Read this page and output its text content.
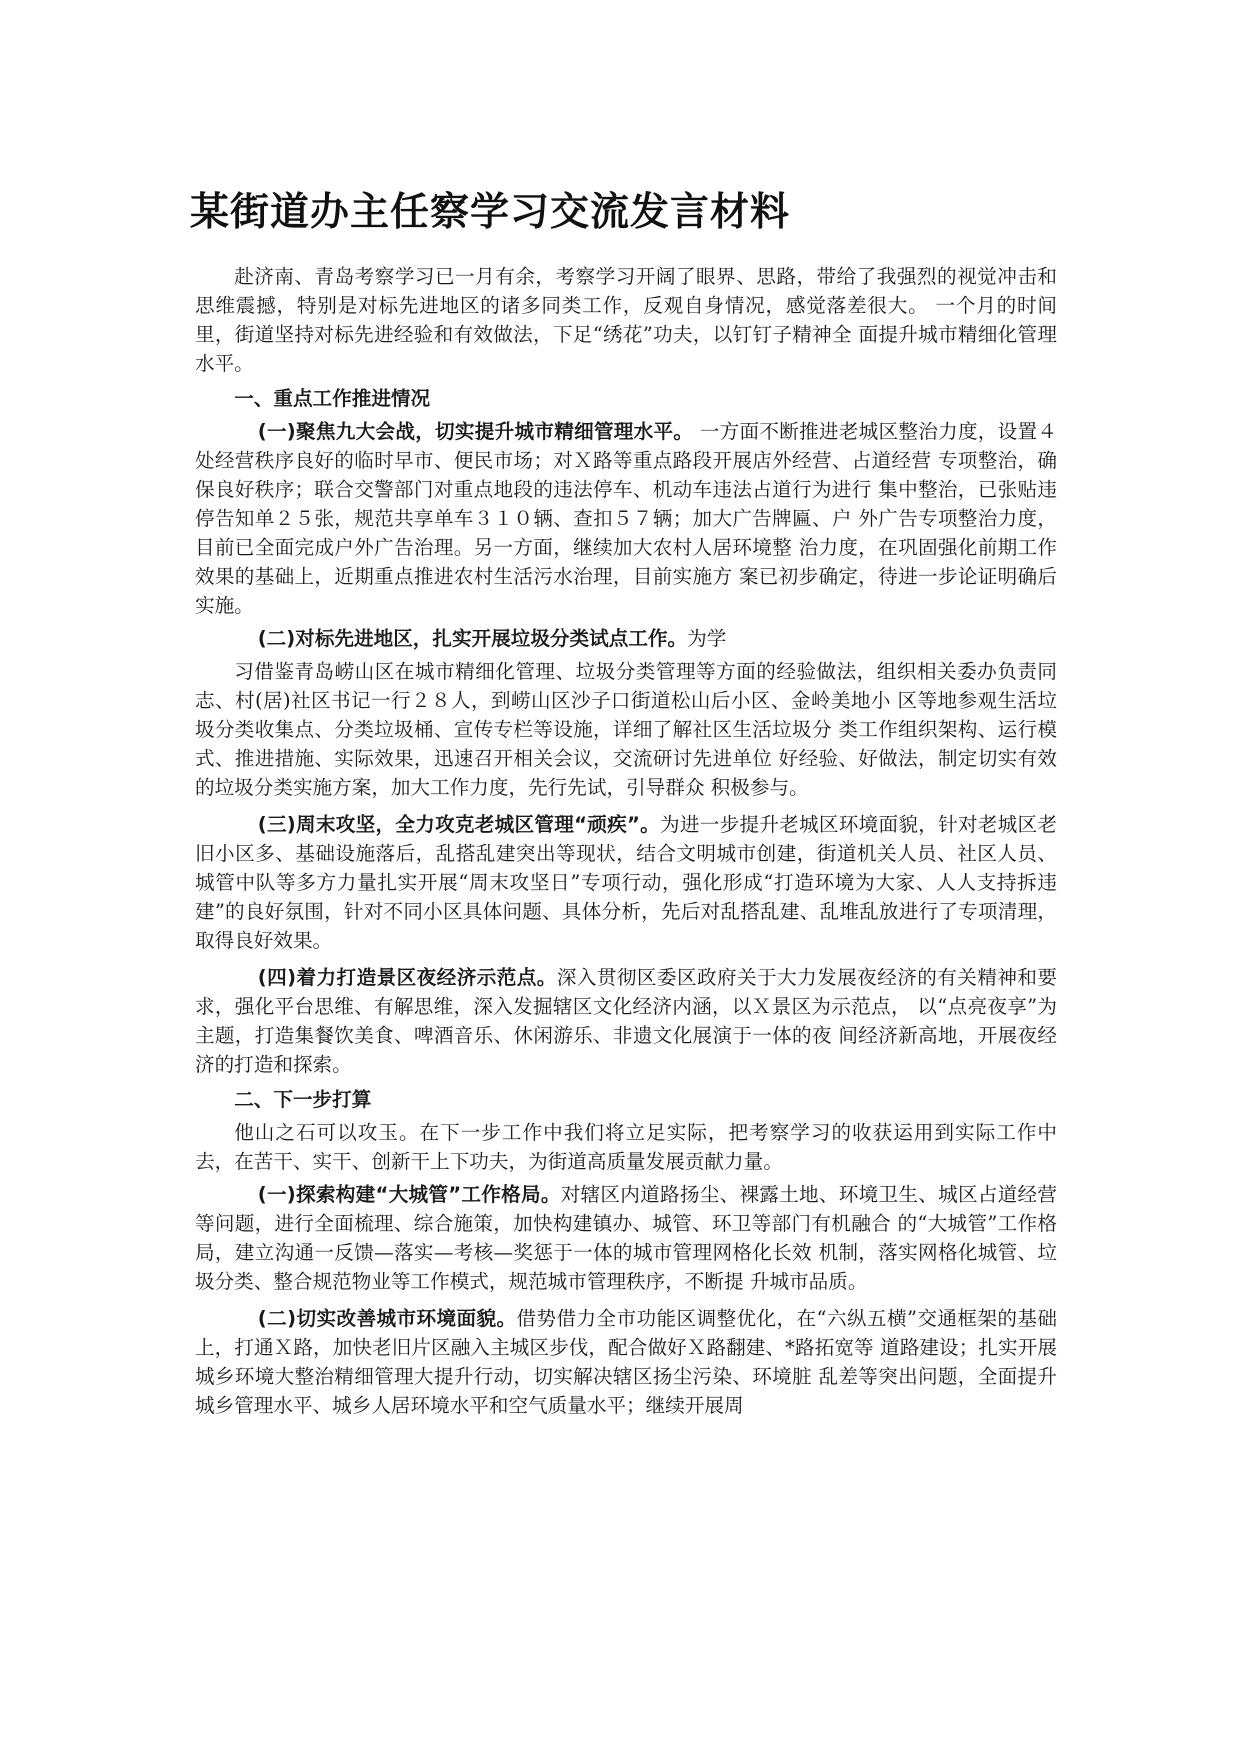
某街道办主任察学习交流发言材料

赴济南、青岛考察学习已一月有余，考察学习开阔了眼界、思路，带给了我强烈的视觉冲击和思维震撼，特别是对标先进地区的诸多同类工作，反观自身情况，感觉落差很大。 一个月的时间里，街道坚持对标先进经验和有效做法，下足“绣花”功夫，以钉钉子精神全 面提升城市精细化管理水平。

一、重点工作推进情况

(一)聚焦九大会战，切实提升城市精细管理水平。 一方面不断推进老城区整治力度，设置４处经营秩序良好的临时早市、便民市场；对Ｘ路等重点路段开展店外经营、占道经营 专项整治，确保良好秩序；联合交警部门对重点地段的违法停车、机动车违法占道行为进行 集中整治，已张贴违停告知单２５张，规范共享单车３１０辆、查扣５７辆；加大广告牌匾、户 外广告专项整治力度，目前已全面完成户外广告治理。另一方面，继续加大农村人居环境整 治力度，在巩固强化前期工作效果的基础上，近期重点推进农村生活污水治理，目前实施方 案已初步确定，待进一步论证明确后实施。

(二)对标先进地区，扎实开展垃圾分类试点工作。为学

习借鉴青岛崂山区在城市精细化管理、垃圾分类管理等方面的经验做法，组织相关委办负责同志、村(居)社区书记一行２８人，到崂山区沙子口街道松山后小区、金岭美地小 区等地参观生活垃圾分类收集点、分类垃圾桶、宣传专栏等设施，详细了解社区生活垃圾分 类工作组织架构、运行模式、推进措施、实际效果，迅速召开相关会议，交流研讨先进单位 好经验、好做法，制定切实有效的垃圾分类实施方案，加大工作力度，先行先试，引导群众 积极参与。

(三)周末攻坚，全力攻克老城区管理“顽疾”。为进一步提升老城区环境面貌，针对老城区老旧小区多、基础设施落后，乱搭乱建突出等现状，结合文明城市创建，街道机关人员、社区人员、城管中队等多方力量扎实开展“周末攻坚日”专项行动，强化形成“打造环境为大家、人人支持拆违建”的良好氛围，针对不同小区具体问题、具体分析，先后对乱搭乱建、乱堆乱放进行了专项清理，取得良好效果。

(四)着力打造景区夜经济示范点。深入贯彻区委区政府关于大力发展夜经济的有关精神和要求，强化平台思维、有解思维，深入发掘辖区文化经济内涵，以Ｘ景区为示范点， 以“点亮夜享”为主题，打造集餐饮美食、啤酒音乐、休闲游乐、非遗文化展演于一体的夜 间经济新高地，开展夜经济的打造和探索。

二、下一步打算

他山之石可以攻玉。在下一步工作中我们将立足实际，把考察学习的收获运用到实际工作中去，在苦干、实干、创新干上下功夫，为街道高质量发展贡献力量。

(一)探索构建“大城管”工作格局。对辖区内道路扬尘、裸露土地、环境卫生、城区占道经营等问题，进行全面梳理、综合施策，加快构建镇办、城管、环卫等部门有机融合 的“大城管”工作格局，建立沟通一反馈—落实—考核—奖惩于一体的城市管理网格化长效 机制，落实网格化城管、垃圾分类、整合规范物业等工作模式，规范城市管理秩序，不断提 升城市品质。

(二)切实改善城市环境面貌。借势借力全市功能区调整优化，在“六纵五横”交通框架的基础上，打通Ｘ路，加快老旧片区融入主城区步伐，配合做好Ｘ路翻建、*路拓宽等 道路建设；扎实开展城乡环境大整治精细管理大提升行动，切实解决辖区扬尘污染、环境脏 乱差等突出问题，全面提升城乡管理水平、城乡人居环境水平和空气质量水平；继续开展周
